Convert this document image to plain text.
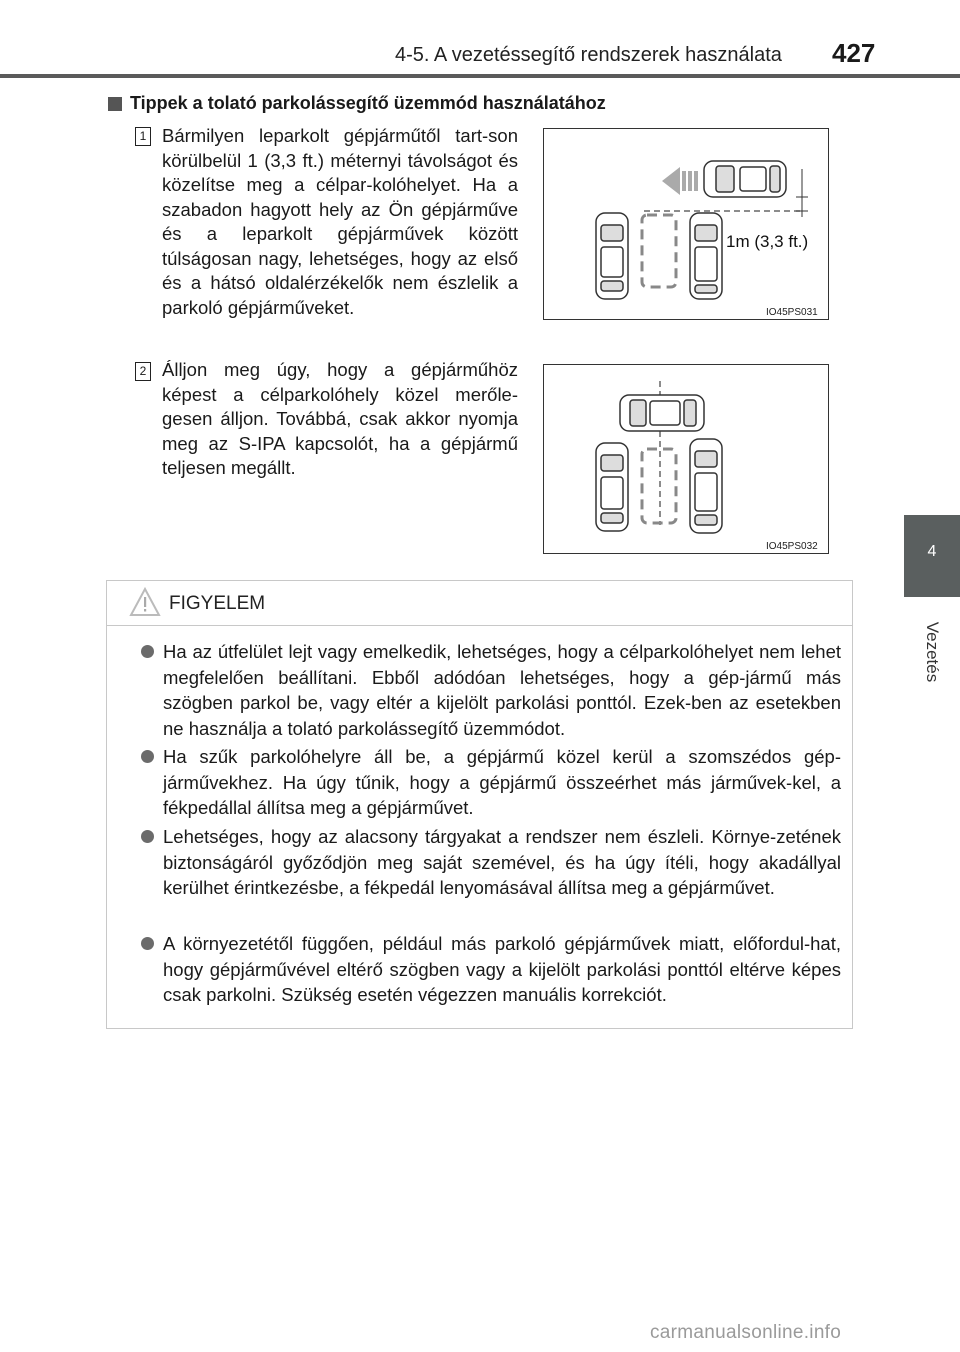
4-5. A vezetéssegítő rendszerek használata 427
4
Vezetés
Tippek a tolató parkolássegítő üzemmód használatához
1 Bármilyen leparkolt gépjárműtől tart-son körülbelül 1 (3,3 ft.) méternyi távolságot és közelítse meg a célpar-kolóhelyet. Ha a szabadon hagyott hely az Ön gépjárműve és a leparkolt gépjárművek között túlságosan nagy, lehetséges, hogy az első és a hátsó oldalérzékelők nem észlelik a parkoló gépjárműveket.
1m (3,3 ft.)
IO45PS031
2 Álljon meg úgy, hogy a gépjárműhöz képest a célparkolóhely közel merőle-gesen álljon. Továbbá, csak akkor nyomja meg az S-IPA kapcsolót, ha a gépjármű teljesen megállt.
IO45PS032
FIGYELEM
Ha az útfelület lejt vagy emelkedik, lehetséges, hogy a célparkolóhelyet nem lehet megfelelően beállítani. Ebből adódóan lehetséges, hogy a gép-jármű más szögben parkol be, vagy eltér a kijelölt parkolási ponttól. Ezek-ben az esetekben ne használja a tolató parkolássegítő üzemmódot.
Ha szűk parkolóhelyre áll be, a gépjármű közel kerül a szomszédos gép-járművekhez. Ha úgy tűnik, hogy a gépjármű összeérhet más járművek-kel, a fékpedállal állítsa meg a gépjárművet.
Lehetséges, hogy az alacsony tárgyakat a rendszer nem észleli. Környe-zetének biztonságáról győződjön meg saját szemével, és ha úgy ítéli, hogy akadállyal kerülhet érintkezésbe, a fékpedál lenyomásával állítsa meg a gépjárművet.
A környezetétől függően, például más parkoló gépjárművek miatt, előfordul-hat, hogy gépjárművével eltérő szögben vagy a kijelölt parkolási ponttól eltérve képes csak parkolni. Szükség esetén végezzen manuális korrekciót.
carmanualsonline.info
